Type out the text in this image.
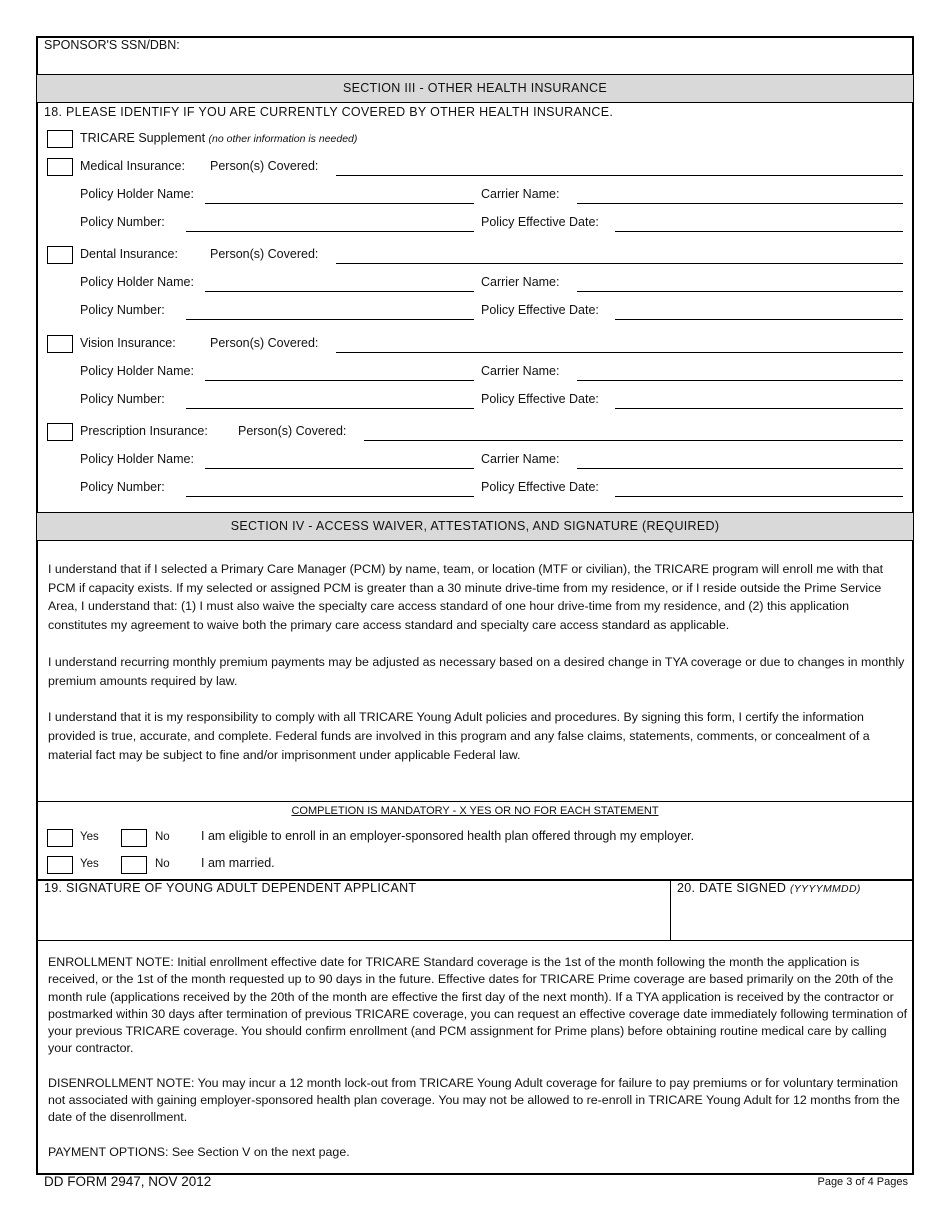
SPONSOR'S SSN/DBN:
SECTION III - OTHER HEALTH INSURANCE
18. PLEASE IDENTIFY IF YOU ARE CURRENTLY COVERED BY OTHER HEALTH INSURANCE.
TRICARE Supplement (no other information is needed)
Medical Insurance: Person(s) Covered:
Policy Holder Name:	Carrier Name:
Policy Number:	Policy Effective Date:
Dental Insurance:	Person(s) Covered:
Policy Holder Name:	Carrier Name:
Policy Number:	Policy Effective Date:
Vision Insurance:	Person(s) Covered:
Policy Holder Name:	Carrier Name:
Policy Number:	Policy Effective Date:
Prescription Insurance: Person(s) Covered:
Policy Holder Name:	Carrier Name:
Policy Number:	Policy Effective Date:
SECTION IV - ACCESS WAIVER, ATTESTATIONS, AND SIGNATURE (REQUIRED)

I understand that if I selected a Primary Care Manager (PCM) by name, team, or location (MTF or civilian), the TRICARE program will enroll me with that PCM if capacity exists. If my selected or assigned PCM is greater than a 30 minute drive-time from my residence, or if I reside outside the Prime Service Area, I understand that: (1) I must also waive the specialty care access standard of one hour drive-time from my residence, and (2) this application constitutes my agreement to waive both the primary care access standard and specialty care access standard as applicable.

I understand recurring monthly premium payments may be adjusted as necessary based on a desired change in TYA coverage or due to changes in monthly premium amounts required by law.

I understand that it is my responsibility to comply with all TRICARE Young Adult policies and procedures. By signing this form, I certify the information provided is true, accurate, and complete. Federal funds are involved in this program and any false claims, statements, comments, or concealment of a material fact may be subject to fine and/or imprisonment under applicable Federal law.

COMPLETION IS MANDATORY - X YES OR NO FOR EACH STATEMENT
Yes	No	I am eligible to enroll in an employer-sponsored health plan offered through my employer.
Yes	No	I am married.
19. SIGNATURE OF YOUNG ADULT DEPENDENT APPLICANT	20. DATE SIGNED (YYYYMMDD)

ENROLLMENT NOTE: Initial enrollment effective date for TRICARE Standard coverage is the 1st of the month following the month the application is received, or the 1st of the month requested up to 90 days in the future. Effective dates for TRICARE Prime coverage are based primarily on the 20th of the month rule (applications received by the 20th of the month are effective the first day of the next month). If a TYA application is received by the contractor or postmarked within 30 days after termination of previous TRICARE coverage, you can request an effective coverage date immediately following termination of your previous TRICARE coverage. You should confirm enrollment (and PCM assignment for Prime plans) before obtaining routine medical care by calling your contractor.

DISENROLLMENT NOTE: You may incur a 12 month lock-out from TRICARE Young Adult coverage for failure to pay premiums or for voluntary termination not associated with gaining employer-sponsored health plan coverage. You may not be allowed to re-enroll in TRICARE Young Adult for 12 months from the date of the disenrollment.

PAYMENT OPTIONS: See Section V on the next page.

DD FORM 2947, NOV 2012	Page 3 of 4 Pages
